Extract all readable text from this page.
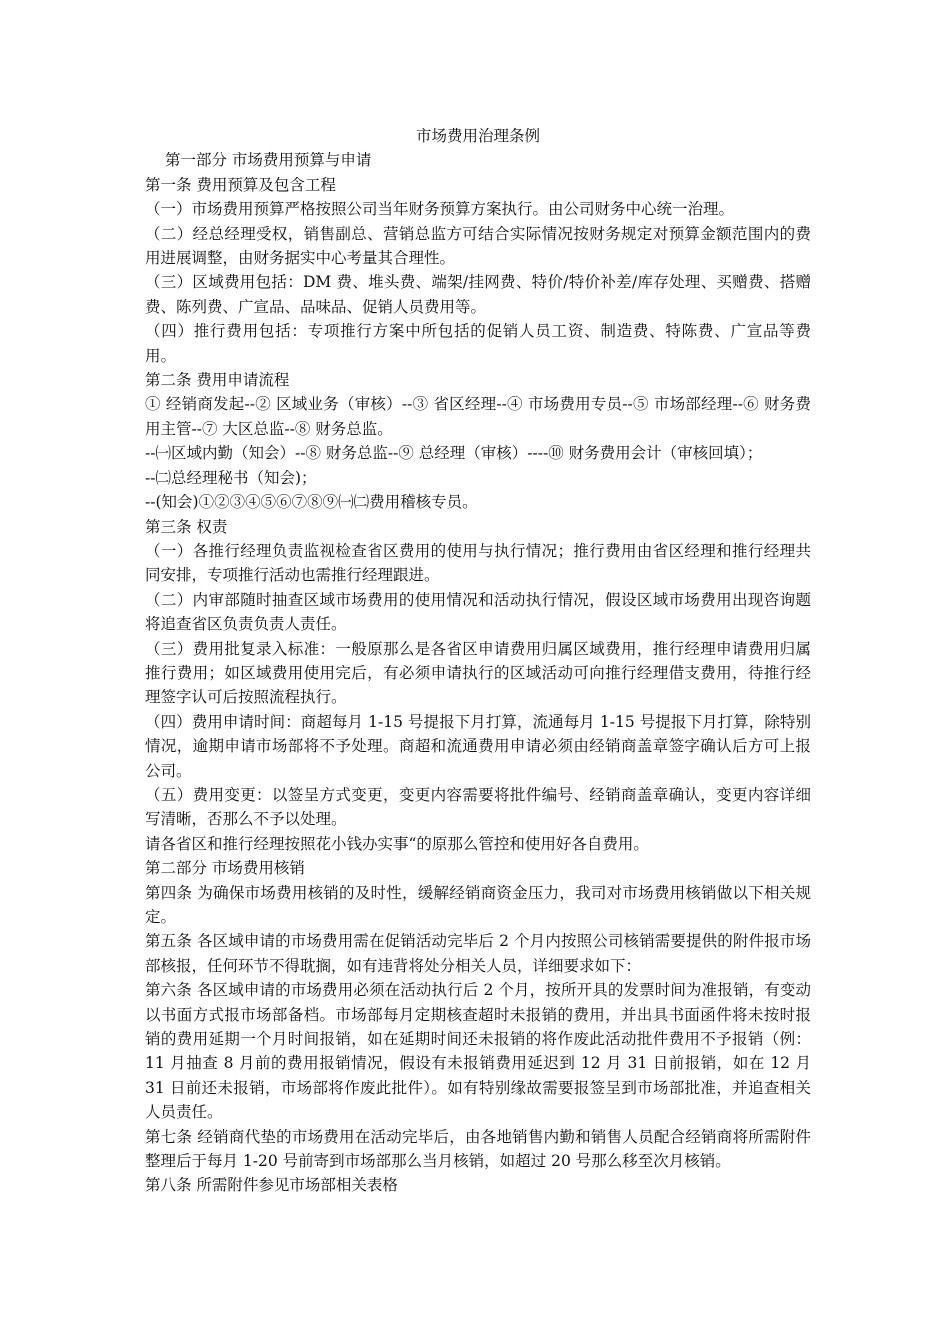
市场费用治理条例

第一部分 市场费用预算与申请

第一条 费用预算及包含工程

（一）市场费用预算严格按照公司当年财务预算方案执行。由公司财务中心统一治理。

（二）经总经理受权，销售副总、营销总监方可结合实际情况按财务规定对预算金额范围内的费用进展调整，由财务据实中心考量其合理性。

（三）区域费用包括：DM 费、堆头费、端架/挂网费、特价/特价补差/库存处理、买赠费、搭赠费、陈列费、广宣品、品味品、促销人员费用等。

（四）推行费用包括：专项推行方案中所包括的促销人员工资、制造费、特陈费、广宣品等费用。

第二条 费用申请流程

① 经销商发起--② 区域业务（审核）--③ 省区经理--④ 市场费用专员--⑤ 市场部经理--⑥ 财务费用主管--⑦ 大区总监--⑧ 财务总监。

--㈠区域内勤（知会）--⑧ 财务总监--⑨ 总经理（审核）----⑩ 财务费用会计（审核回填）；

--㈡总经理秘书（知会)；

--(知会)①②③④⑤⑥⑦⑧⑨㈠㈡费用稽核专员。

第三条 权责

（一）各推行经理负责监视检查省区费用的使用与执行情况；推行费用由省区经理和推行经理共同安排，专项推行活动也需推行经理跟进。

（二）内审部随时抽查区域市场费用的使用情况和活动执行情况，假设区域市场费用出现咨询题将追查省区负责负责人责任。

（三）费用批复录入标准：一般原那么是各省区申请费用归属区域费用，推行经理申请费用归属推行费用；如区域费用使用完后，有必须申请执行的区域活动可向推行经理借支费用，待推行经理签字认可后按照流程执行。

（四）费用申请时间：商超每月 1-15 号提报下月打算，流通每月 1-15 号提报下月打算，除特别情况，逾期申请市场部将不予处理。商超和流通费用申请必须由经销商盖章签字确认后方可上报公司。

（五）费用变更：以签呈方式变更，变更内容需要将批件编号、经销商盖章确认，变更内容详细写清晰，否那么不予以处理。

请各省区和推行经理按照花小钱办实事“的原那么管控和使用好各自费用。

第二部分 市场费用核销

第四条 为确保市场费用核销的及时性，缓解经销商资金压力，我司对市场费用核销做以下相关规定。

第五条 各区域申请的市场费用需在促销活动完毕后 2 个月内按照公司核销需要提供的附件报市场部核报，任何环节不得耽搁，如有违背将处分相关人员，详细要求如下：

第六条 各区域申请的市场费用必须在活动执行后 2 个月，按所开具的发票时间为准报销，有变动以书面方式报市场部备档。市场部每月定期核查超时未报销的费用，并出具书面函件将未按时报销的费用延期一个月时间报销，如在延期时间还未报销的将作废此活动批件费用不予报销（例：11 月抽查 8 月前的费用报销情况，假设有未报销费用延迟到 12 月 31 日前报销，如在 12 月 31 日前还未报销，市场部将作废此批件）。如有特别缘故需要报签呈到市场部批准，并追查相关人员责任。

第七条 经销商代垫的市场费用在活动完毕后，由各地销售内勤和销售人员配合经销商将所需附件整理后于每月 1-20 号前寄到市场部那么当月核销，如超过 20 号那么移至次月核销。

第八条 所需附件参见市场部相关表格
